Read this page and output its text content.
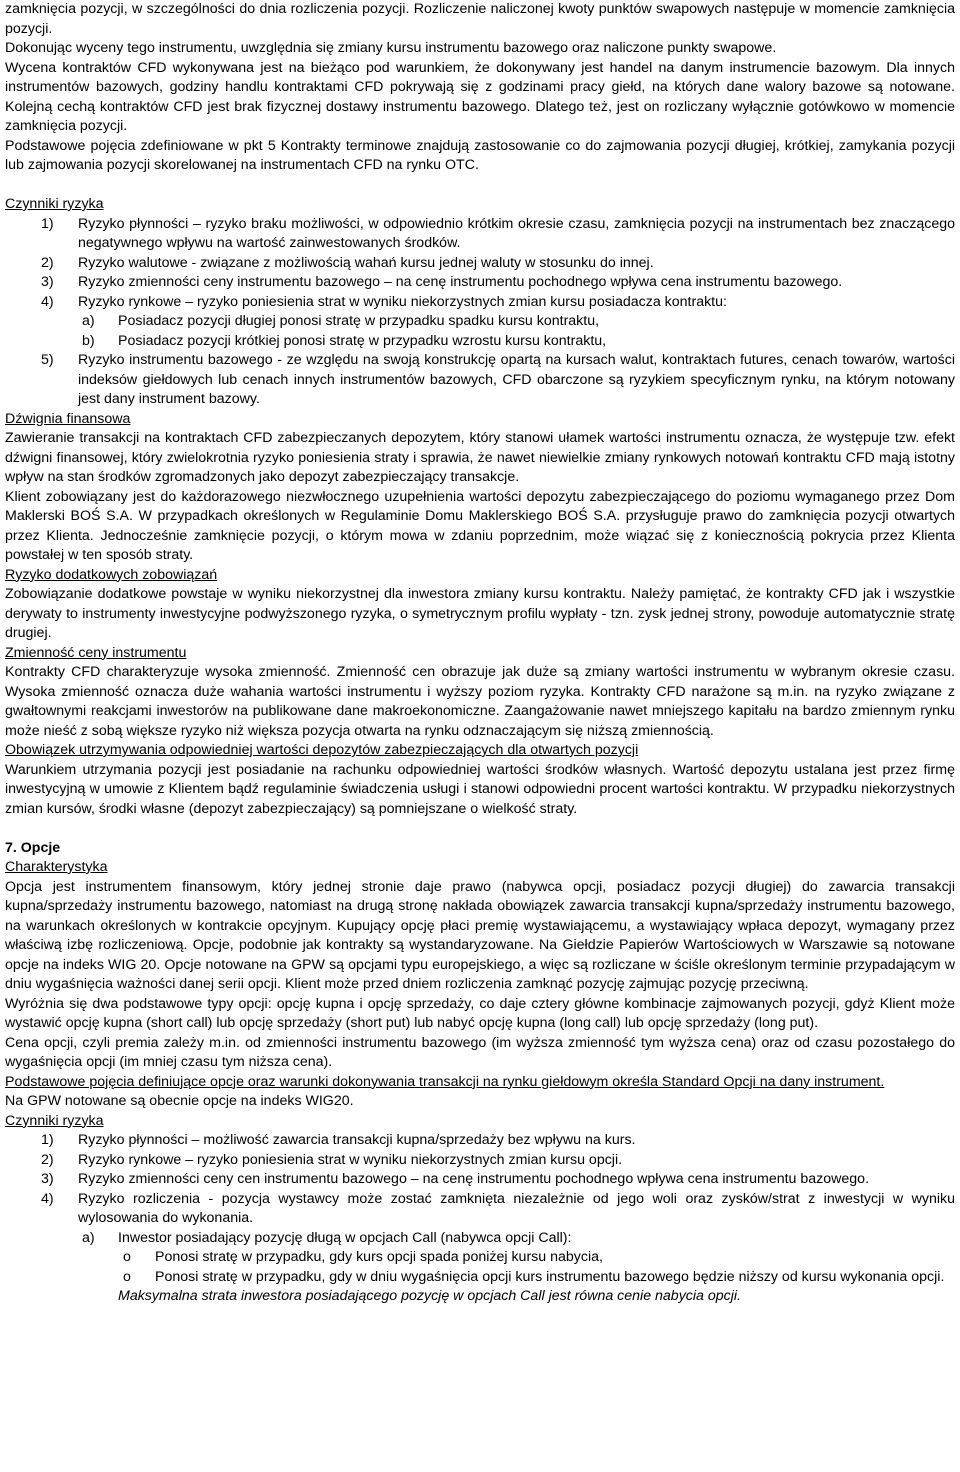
zamknięcia pozycji, w szczególności do dnia rozliczenia pozycji. Rozliczenie naliczonej kwoty punktów swapowych następuje w momencie zamknięcia pozycji.

Dokonując wyceny tego instrumentu, uwzględnia się zmiany kursu instrumentu bazowego oraz naliczone punkty swapowe.

Wycena kontraktów CFD wykonywana jest na bieżąco pod warunkiem, że dokonywany jest handel na danym instrumencie bazowym. Dla innych instrumentów bazowych, godziny handlu kontraktami CFD pokrywają się z godzinami pracy giełd, na których dane walory bazowe są notowane. Kolejną cechą kontraktów CFD jest brak fizycznej dostawy instrumentu bazowego. Dlatego też, jest on rozliczany wyłącznie gotówkowo w momencie zamknięcia pozycji.

Podstawowe pojęcia zdefiniowane w pkt 5 Kontrakty terminowe znajdują zastosowanie co do zajmowania pozycji długiej, krótkiej, zamykania pozycji lub zajmowania pozycji skorelowanej na instrumentach CFD na rynku OTC.

Czynniki ryzyka

1) Ryzyko płynności – ryzyko braku możliwości, w odpowiednio krótkim okresie czasu, zamknięcia pozycji na instrumentach bez znaczącego negatywnego wpływu na wartość zainwestowanych środków.
2) Ryzyko walutowe - związane z możliwością wahań kursu jednej waluty w stosunku do innej.
3) Ryzyko zmienności ceny instrumentu bazowego – na cenę instrumentu pochodnego wpływa cena instrumentu bazowego.
4) Ryzyko rynkowe – ryzyko poniesienia strat w wyniku niekorzystnych zmian kursu posiadacza kontraktu:
a) Posiadacz pozycji długiej ponosi stratę w przypadku spadku kursu kontraktu,
b) Posiadacz pozycji krótkiej ponosi stratę w przypadku wzrostu kursu kontraktu,
5) Ryzyko instrumentu bazowego - ze względu na swoją konstrukcję opartą na kursach walut, kontraktach futures, cenach towarów, wartości indeksów giełdowych lub cenach innych instrumentów bazowych, CFD obarczone są ryzykiem specyficznym rynku, na którym notowany jest dany instrument bazowy.

Dźwignia finansowa

Zawieranie transakcji na kontraktach CFD zabezpieczanych depozytem, który stanowi ułamek wartości instrumentu oznacza, że występuje tzw. efekt dźwigni finansowej, który zwielokrotnia ryzyko poniesienia straty i sprawia, że nawet niewielkie zmiany rynkowych notowań kontraktu CFD mają istotny wpływ na stan środków zgromadzonych jako depozyt zabezpieczający transakcje.

Klient zobowiązany jest do każdorazowego niezwłocznego uzupełnienia wartości depozytu zabezpieczającego do poziomu wymaganego przez Dom Maklerski BOŚ S.A. W przypadkach określonych w Regulaminie Domu Maklerskiego BOŚ S.A. przysługuje prawo do zamknięcia pozycji otwartych przez Klienta. Jednocześnie zamknięcie pozycji, o którym mowa w zdaniu poprzednim, może wiązać się z koniecznością pokrycia przez Klienta powstałej w ten sposób straty.

Ryzyko dodatkowych zobowiązań

Zobowiązanie dodatkowe powstaje w wyniku niekorzystnej dla inwestora zmiany kursu kontraktu. Należy pamiętać, że kontrakty CFD jak i wszystkie derywaty to instrumenty inwestycyjne podwyższonego ryzyka, o symetrycznym profilu wypłaty - tzn. zysk jednej strony, powoduje automatycznie stratę drugiej.

Zmienność ceny instrumentu

Kontrakty CFD charakteryzuje wysoka zmienność. Zmienność cen obrazuje jak duże są zmiany wartości instrumentu w wybranym okresie czasu. Wysoka zmienność oznacza duże wahania wartości instrumentu i wyższy poziom ryzyka. Kontrakty CFD narażone są m.in. na ryzyko związane z gwałtownymi reakcjami inwestorów na publikowane dane makroekonomiczne. Zaangażowanie nawet mniejszego kapitału na bardzo zmiennym rynku może nieść z sobą większe ryzyko niż większa pozycja otwarta na rynku odznaczającym się niższą zmiennością.

Obowiązek utrzymywania odpowiedniej wartości depozytów zabezpieczających dla otwartych pozycji

Warunkiem utrzymania pozycji jest posiadanie na rachunku odpowiedniej wartości środków własnych. Wartość depozytu ustalana jest przez firmę inwestycyjną w umowie z Klientem bądź regulaminie świadczenia usługi i stanowi odpowiedni procent wartości kontraktu. W przypadku niekorzystnych zmian kursów, środki własne (depozyt zabezpieczający) są pomniejszane o wielkość straty.

7. Opcje

Charakterystyka

Opcja jest instrumentem finansowym, który jednej stronie daje prawo (nabywca opcji, posiadacz pozycji długiej) do zawarcia transakcji kupna/sprzedaży instrumentu bazowego, natomiast na drugą stronę nakłada obowiązek zawarcia transakcji kupna/sprzedaży instrumentu bazowego, na warunkach określonych w kontrakcie opcyjnym. Kupujący opcję płaci premię wystawiającemu, a wystawiający wpłaca depozyt, wymagany przez właściwą izbę rozliczeniową. Opcje, podobnie jak kontrakty są wystandaryzowane. Na Giełdzie Papierów Wartościowych w Warszawie są notowane opcje na indeks WIG 20. Opcje notowane na GPW są opcjami typu europejskiego, a więc są rozliczane w ściśle określonym terminie przypadającym w dniu wygaśnięcia ważności danej serii opcji. Klient może przed dniem rozliczenia zamknąć pozycję zajmując pozycję przeciwną.

Wyróżnia się dwa podstawowe typy opcji: opcję kupna i opcję sprzedaży, co daje cztery główne kombinacje zajmowanych pozycji, gdyż Klient może wystawić opcję kupna (short call) lub opcję sprzedaży (short put) lub nabyć opcję kupna (long call) lub opcję sprzedaży (long put).

Cena opcji, czyli premia zależy m.in. od zmienności instrumentu bazowego (im wyższa zmienność tym wyższa cena) oraz od czasu pozostałego do wygaśnięcia opcji (im mniej czasu tym niższa cena).

Podstawowe pojęcia definiujące opcje oraz warunki dokonywania transakcji na rynku giełdowym określa Standard Opcji na dany instrument.

Na GPW notowane są obecnie opcje na indeks WIG20.

Czynniki ryzyka

1) Ryzyko płynności – możliwość zawarcia transakcji kupna/sprzedaży bez wpływu na kurs.
2) Ryzyko rynkowe – ryzyko poniesienia strat w wyniku niekorzystnych zmian kursu opcji.
3) Ryzyko zmienności ceny cen instrumentu bazowego – na cenę instrumentu pochodnego wpływa cena instrumentu bazowego.
4) Ryzyko rozliczenia - pozycja wystawcy może zostać zamknięta niezależnie od jego woli oraz zysków/strat z inwestycji w wyniku wylosowania do wykonania.
a) Inwestor posiadający pozycję długą w opcjach Call (nabywca opcji Call):
o Ponosi stratę w przypadku, gdy kurs opcji spada poniżej kursu nabycia,
o Ponosi stratę w przypadku, gdy w dniu wygaśnięcia opcji kurs instrumentu bazowego będzie niższy od kursu wykonania opcji.
Maksymalna strata inwestora posiadającego pozycję w opcjach Call jest równa cenie nabycia opcji.
